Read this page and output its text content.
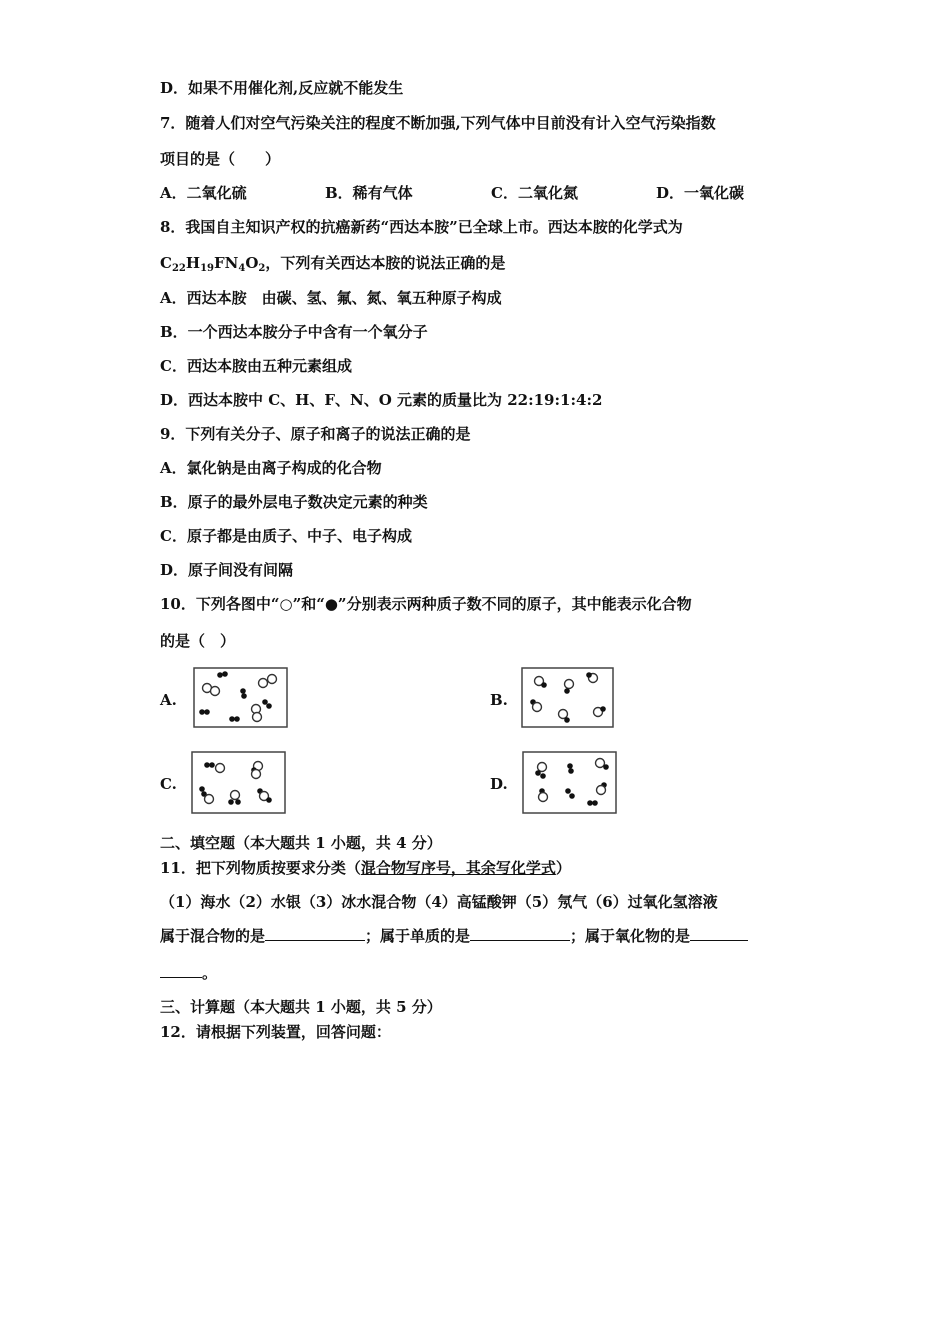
D．如果不用催化剂,反应就不能发生
7．随着人们对空气污染关注的程度不断加强,下列气体中目前没有计入空气污染指数
项目的是（　　）
A．二氧化硫	B．稀有气体	C．二氧化氮	D．一氧化碳
8．我国自主知识产权的抗癌新药“西达本胺”已全球上市。西达本胺的化学式为
$C_{22}H_{19}FN_4O_2$，下列有关西达本胺的说法正确的是
A．西达本胺　由碳、氢、氟、氮、氧五种原子构成
B．一个西达本胺分子中含有一个氧分子
C．西达本胺由五种元素组成
D．西达本胺中 C、H、F、N、O 元素的质量比为 22:19:1:4:2
9．下列有关分子、原子和离子的说法正确的是
A．氯化钠是由离子构成的化合物
B．原子的最外层电子数决定元素的种类
C．原子都是由质子、中子、电子构成
D．原子间没有间隔
10．下列各图中“○”和“●”分别表示两种质子数不同的原子，其中能表示化合物
的是（　）
A.	B.
C.	D.
二、填空题（本大题共 1 小题，共 4 分）
11．把下列物质按要求分类（混合物写序号，其余写化学式）
（1）海水（2）水银（3）冰水混合物（4）高锰酸钾（5）氖气（6）过氧化氢溶液
属于混合物的是	；属于单质的是	；属于氧化物的是
。
三、计算题（本大题共 1 小题，共 5 分）
12．请根据下列装置，回答问题：
